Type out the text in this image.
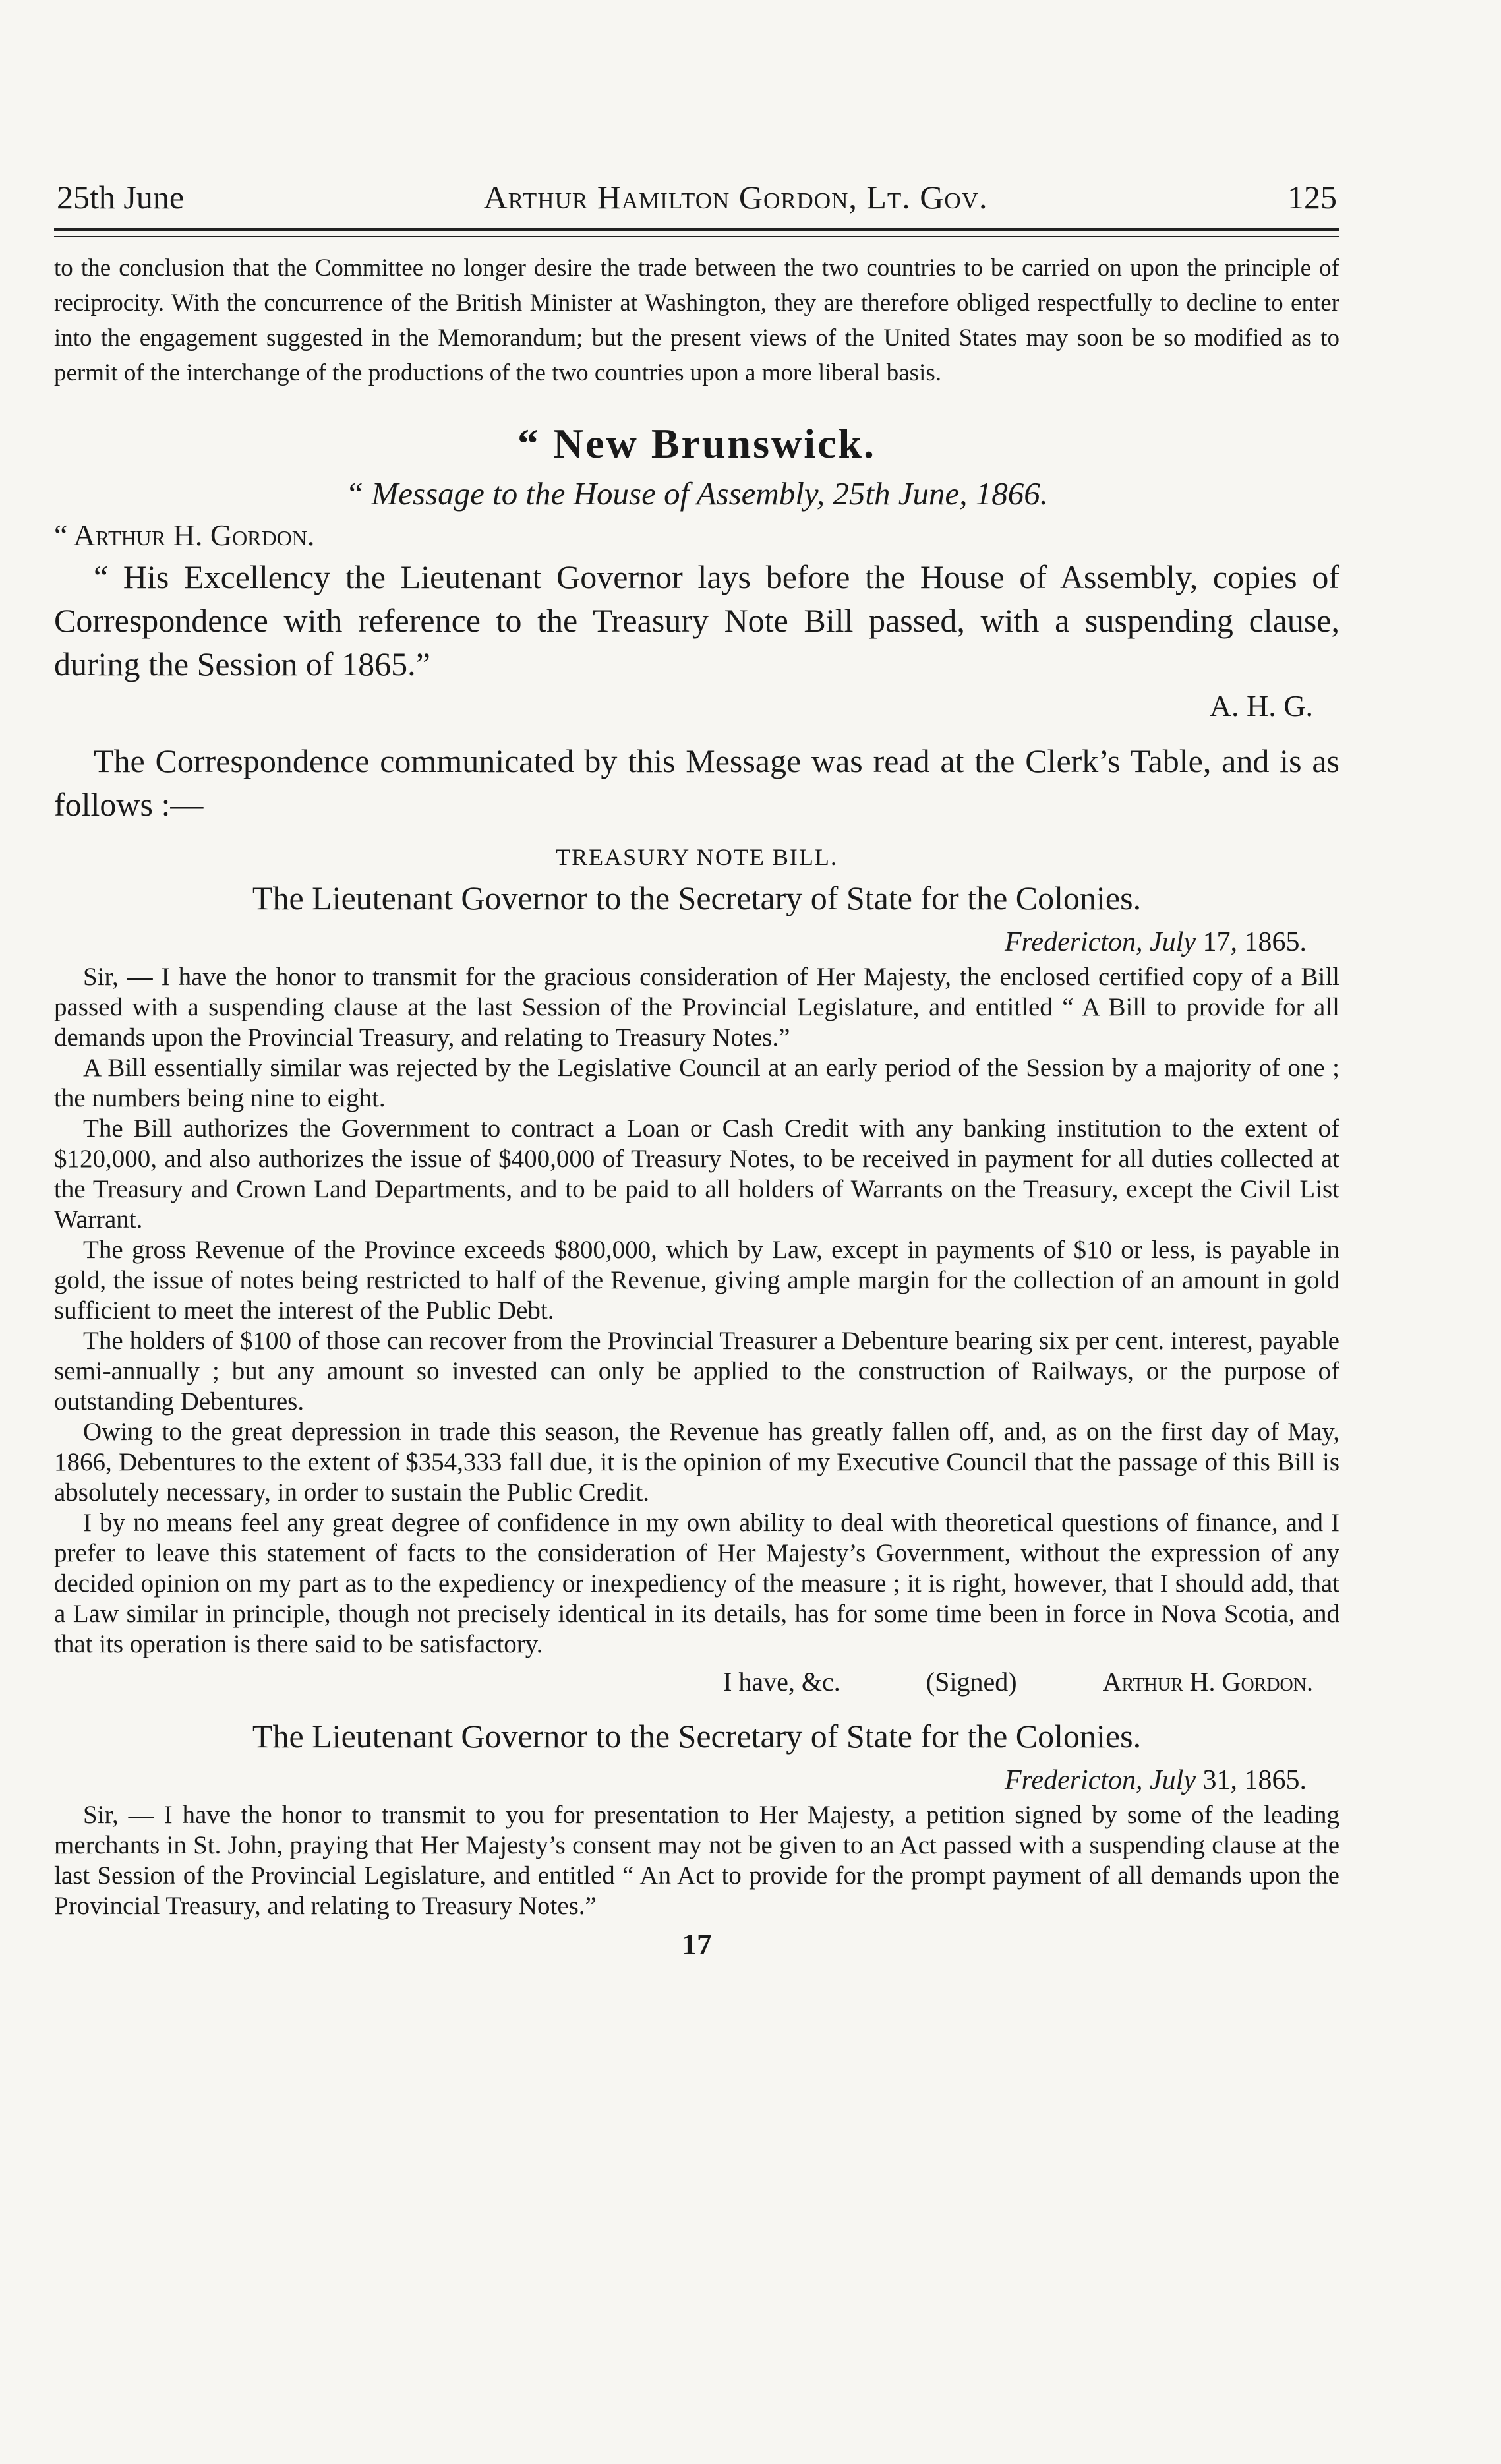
25th June	Arthur Hamilton Gordon, Lt. Gov.	125
to the conclusion that the Committee no longer desire the trade between the two countries to be carried on upon the principle of reciprocity. With the concurrence of the British Minister at Washington, they are therefore obliged respectfully to decline to enter into the engagement suggested in the Memorandum; but the present views of the United States may soon be so modified as to permit of the interchange of the productions of the two countries upon a more liberal basis.
“ New Brunswick.
“ Message to the House of Assembly, 25th June, 1866.
“ Arthur H. Gordon.
“ His Excellency the Lieutenant Governor lays before the House of Assembly, copies of Correspondence with reference to the Treasury Note Bill passed, with a suspending clause, during the Session of 1865.”
A. H. G.
The Correspondence communicated by this Message was read at the Clerk’s Table, and is as follows :—
TREASURY NOTE BILL.
The Lieutenant Governor to the Secretary of State for the Colonies.
Fredericton, July 17, 1865.

Sir, — I have the honor to transmit for the gracious consideration of Her Majesty, the enclosed certified copy of a Bill passed with a suspending clause at the last Session of the Provincial Legislature, and entitled “ A Bill to provide for all demands upon the Provincial Treasury, and relating to Treasury Notes.”

A Bill essentially similar was rejected by the Legislative Council at an early period of the Session by a majority of one ; the numbers being nine to eight.

The Bill authorizes the Government to contract a Loan or Cash Credit with any banking institution to the extent of $120,000, and also authorizes the issue of $400,000 of Treasury Notes, to be received in payment for all duties collected at the Treasury and Crown Land Departments, and to be paid to all holders of Warrants on the Treasury, except the Civil List Warrant.

The gross Revenue of the Province exceeds $800,000, which by Law, except in payments of $10 or less, is payable in gold, the issue of notes being restricted to half of the Revenue, giving ample margin for the collection of an amount in gold sufficient to meet the interest of the Public Debt.

The holders of $100 of those can recover from the Provincial Treasurer a Debenture bearing six per cent. interest, payable semi-annually ; but any amount so invested can only be applied to the construction of Railways, or the purpose of outstanding Debentures.

Owing to the great depression in trade this season, the Revenue has greatly fallen off, and, as on the first day of May, 1866, Debentures to the extent of $354,333 fall due, it is the opinion of my Executive Council that the passage of this Bill is absolutely necessary, in order to sustain the Public Credit.

I by no means feel any great degree of confidence in my own ability to deal with theoretical questions of finance, and I prefer to leave this statement of facts to the consideration of Her Majesty’s Government, without the expression of any decided opinion on my part as to the expediency or inexpediency of the measure ; it is right, however, that I should add, that a Law similar in principle, though not precisely identical in its details, has for some time been in force in Nova Scotia, and that its operation is there said to be satisfactory.

I have, &c.	(Signed)	Arthur H. Gordon.
The Lieutenant Governor to the Secretary of State for the Colonies.
Fredericton, July 31, 1865.

Sir, — I have the honor to transmit to you for presentation to Her Majesty, a petition signed by some of the leading merchants in St. John, praying that Her Majesty’s consent may not be given to an Act passed with a suspending clause at the last Session of the Provincial Legislature, and entitled “ An Act to provide for the prompt payment of all demands upon the Provincial Treasury, and relating to Treasury Notes.”

17
